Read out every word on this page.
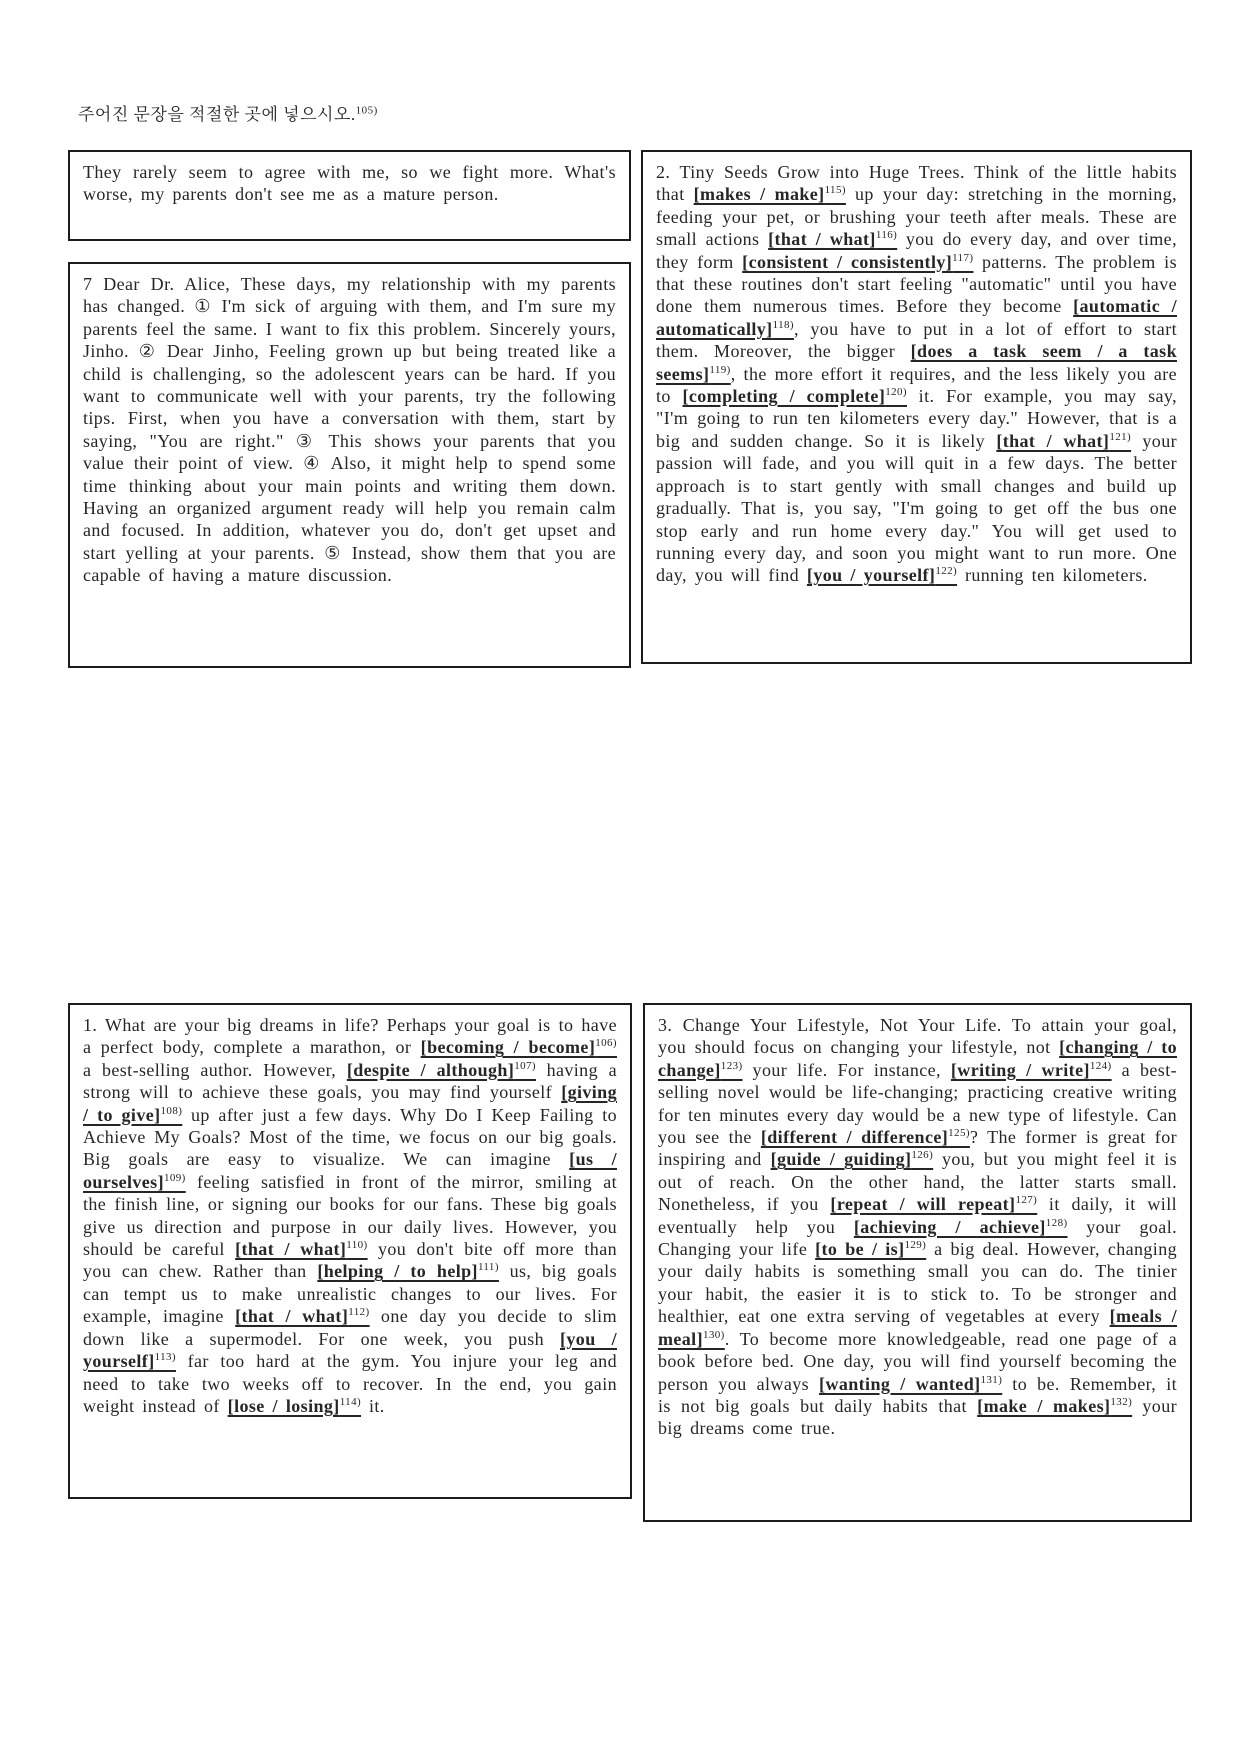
주어진 문장을 적절한 곳에 넣으시오.$^{105)}$

They rarely seem to agree with me, so we fight more. What's worse, my parents don't see me as a mature person.

7 Dear Dr. Alice, These days, my relationship with my parents has changed. ① I'm sick of arguing with them, and I'm sure my parents feel the same. I want to fix this problem. Sincerely yours, Jinho. ② Dear Jinho, Feeling grown up but being treated like a child is challenging, so the adolescent years can be hard. If you want to communicate well with your parents, try the following tips. First, when you have a conversation with them, start by saying, "You are right." ③ This shows your parents that you value their point of view. ④ Also, it might help to spend some time thinking about your main points and writing them down. Having an organized argument ready will help you remain calm and focused. In addition, whatever you do, don't get upset and start yelling at your parents. ⑤ Instead, show them that you are capable of having a mature discussion.

2. Tiny Seeds Grow into Huge Trees. Think of the little habits that [makes / make]$^{115)}$ up your day: stretching in the morning, feeding your pet, or brushing your teeth after meals. These are small actions [that / what]$^{116)}$ you do every day, and over time, they form [consistent / consistently]$^{117)}$ patterns. The problem is that these routines don't start feeling "automatic" until you have done them numerous times. Before they become [automatic / automatically]$^{118)}$, you have to put in a lot of effort to start them. Moreover, the bigger [does a task seem / a task seems]$^{119)}$, the more effort it requires, and the less likely you are to [completing / complete]$^{120)}$ it. For example, you may say, "I'm going to run ten kilometers every day." However, that is a big and sudden change. So it is likely [that / what]$^{121)}$ your passion will fade, and you will quit in a few days. The better approach is to start gently with small changes and build up gradually. That is, you say, "I'm going to get off the bus one stop early and run home every day." You will get used to running every day, and soon you might want to run more. One day, you will find [you / yourself]$^{122)}$ running ten kilometers.

1. What are your big dreams in life? Perhaps your goal is to have a perfect body, complete a marathon, or [becoming / become]$^{106)}$ a best-selling author. However, [despite / although]$^{107)}$ having a strong will to achieve these goals, you may find yourself [giving / to give]$^{108)}$ up after just a few days. Why Do I Keep Failing to Achieve My Goals? Most of the time, we focus on our big goals. Big goals are easy to visualize. We can imagine [us / ourselves]$^{109)}$ feeling satisfied in front of the mirror, smiling at the finish line, or signing our books for our fans. These big goals give us direction and purpose in our daily lives. However, you should be careful [that / what]$^{110)}$ you don't bite off more than you can chew. Rather than [helping / to help]$^{111)}$ us, big goals can tempt us to make unrealistic changes to our lives. For example, imagine [that / what]$^{112)}$ one day you decide to slim down like a supermodel. For one week, you push [you / yourself]$^{113)}$ far too hard at the gym. You injure your leg and need to take two weeks off to recover. In the end, you gain weight instead of [lose / losing]$^{114)}$ it.

3. Change Your Lifestyle, Not Your Life. To attain your goal, you should focus on changing your lifestyle, not [changing / to change]$^{123)}$ your life. For instance, [writing / write]$^{124)}$ a best-selling novel would be life-changing; practicing creative writing for ten minutes every day would be a new type of lifestyle. Can you see the [different / difference]$^{125)}$? The former is great for inspiring and [guide / guiding]$^{126)}$ you, but you might feel it is out of reach. On the other hand, the latter starts small. Nonetheless, if you [repeat / will repeat]$^{127)}$ it daily, it will eventually help you [achieving / achieve]$^{128)}$ your goal. Changing your life [to be / is]$^{129)}$ a big deal. However, changing your daily habits is something small you can do. The tinier your habit, the easier it is to stick to. To be stronger and healthier, eat one extra serving of vegetables at every [meals / meal]$^{130)}$. To become more knowledgeable, read one page of a book before bed. One day, you will find yourself becoming the person you always [wanting / wanted]$^{131)}$ to be. Remember, it is not big goals but daily habits that [make / makes]$^{132)}$ your big dreams come true.
